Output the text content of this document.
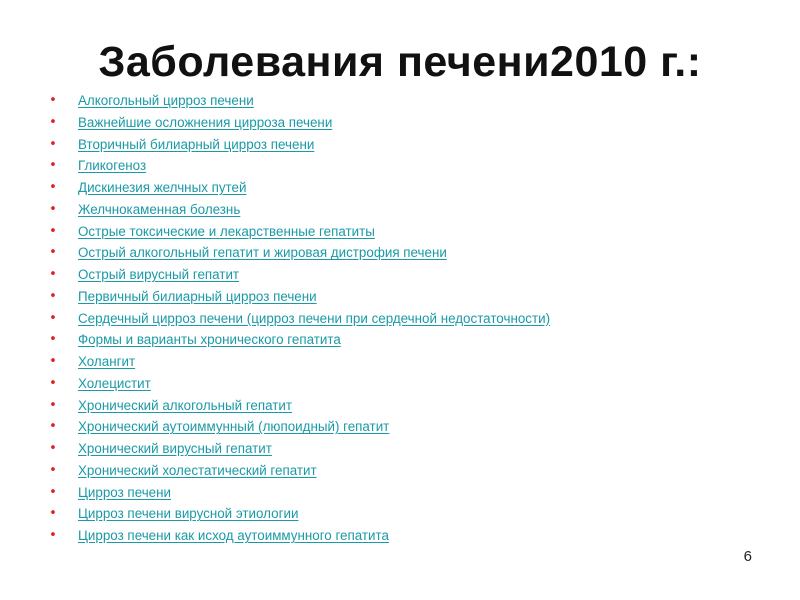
Заболевания печени2010 г.:
• Алкогольный цирроз печени
• Важнейшие осложнения цирроза печени
• Вторичный билиарный цирроз печени
• Гликогеноз
• Дискинезия желчных путей
• Желчнокаменная болезнь
• Острые токсические и лекарственные гепатиты
• Острый алкогольный гепатит и жировая дистрофия печени
• Острый вирусный гепатит
• Первичный билиарный цирроз печени
• Сердечный цирроз печени (цирроз печени при сердечной недостаточности)
• Формы и варианты хронического гепатита
• Холангит
• Холецистит
• Хронический алкогольный гепатит
• Хронический аутоиммунный (люпоидный) гепатит
• Хронический вирусный гепатит
• Хронический холестатический гепатит
• Цирроз печени
• Цирроз печени вирусной этиологии
• Цирроз печени как исход аутоиммунного гепатита
6
